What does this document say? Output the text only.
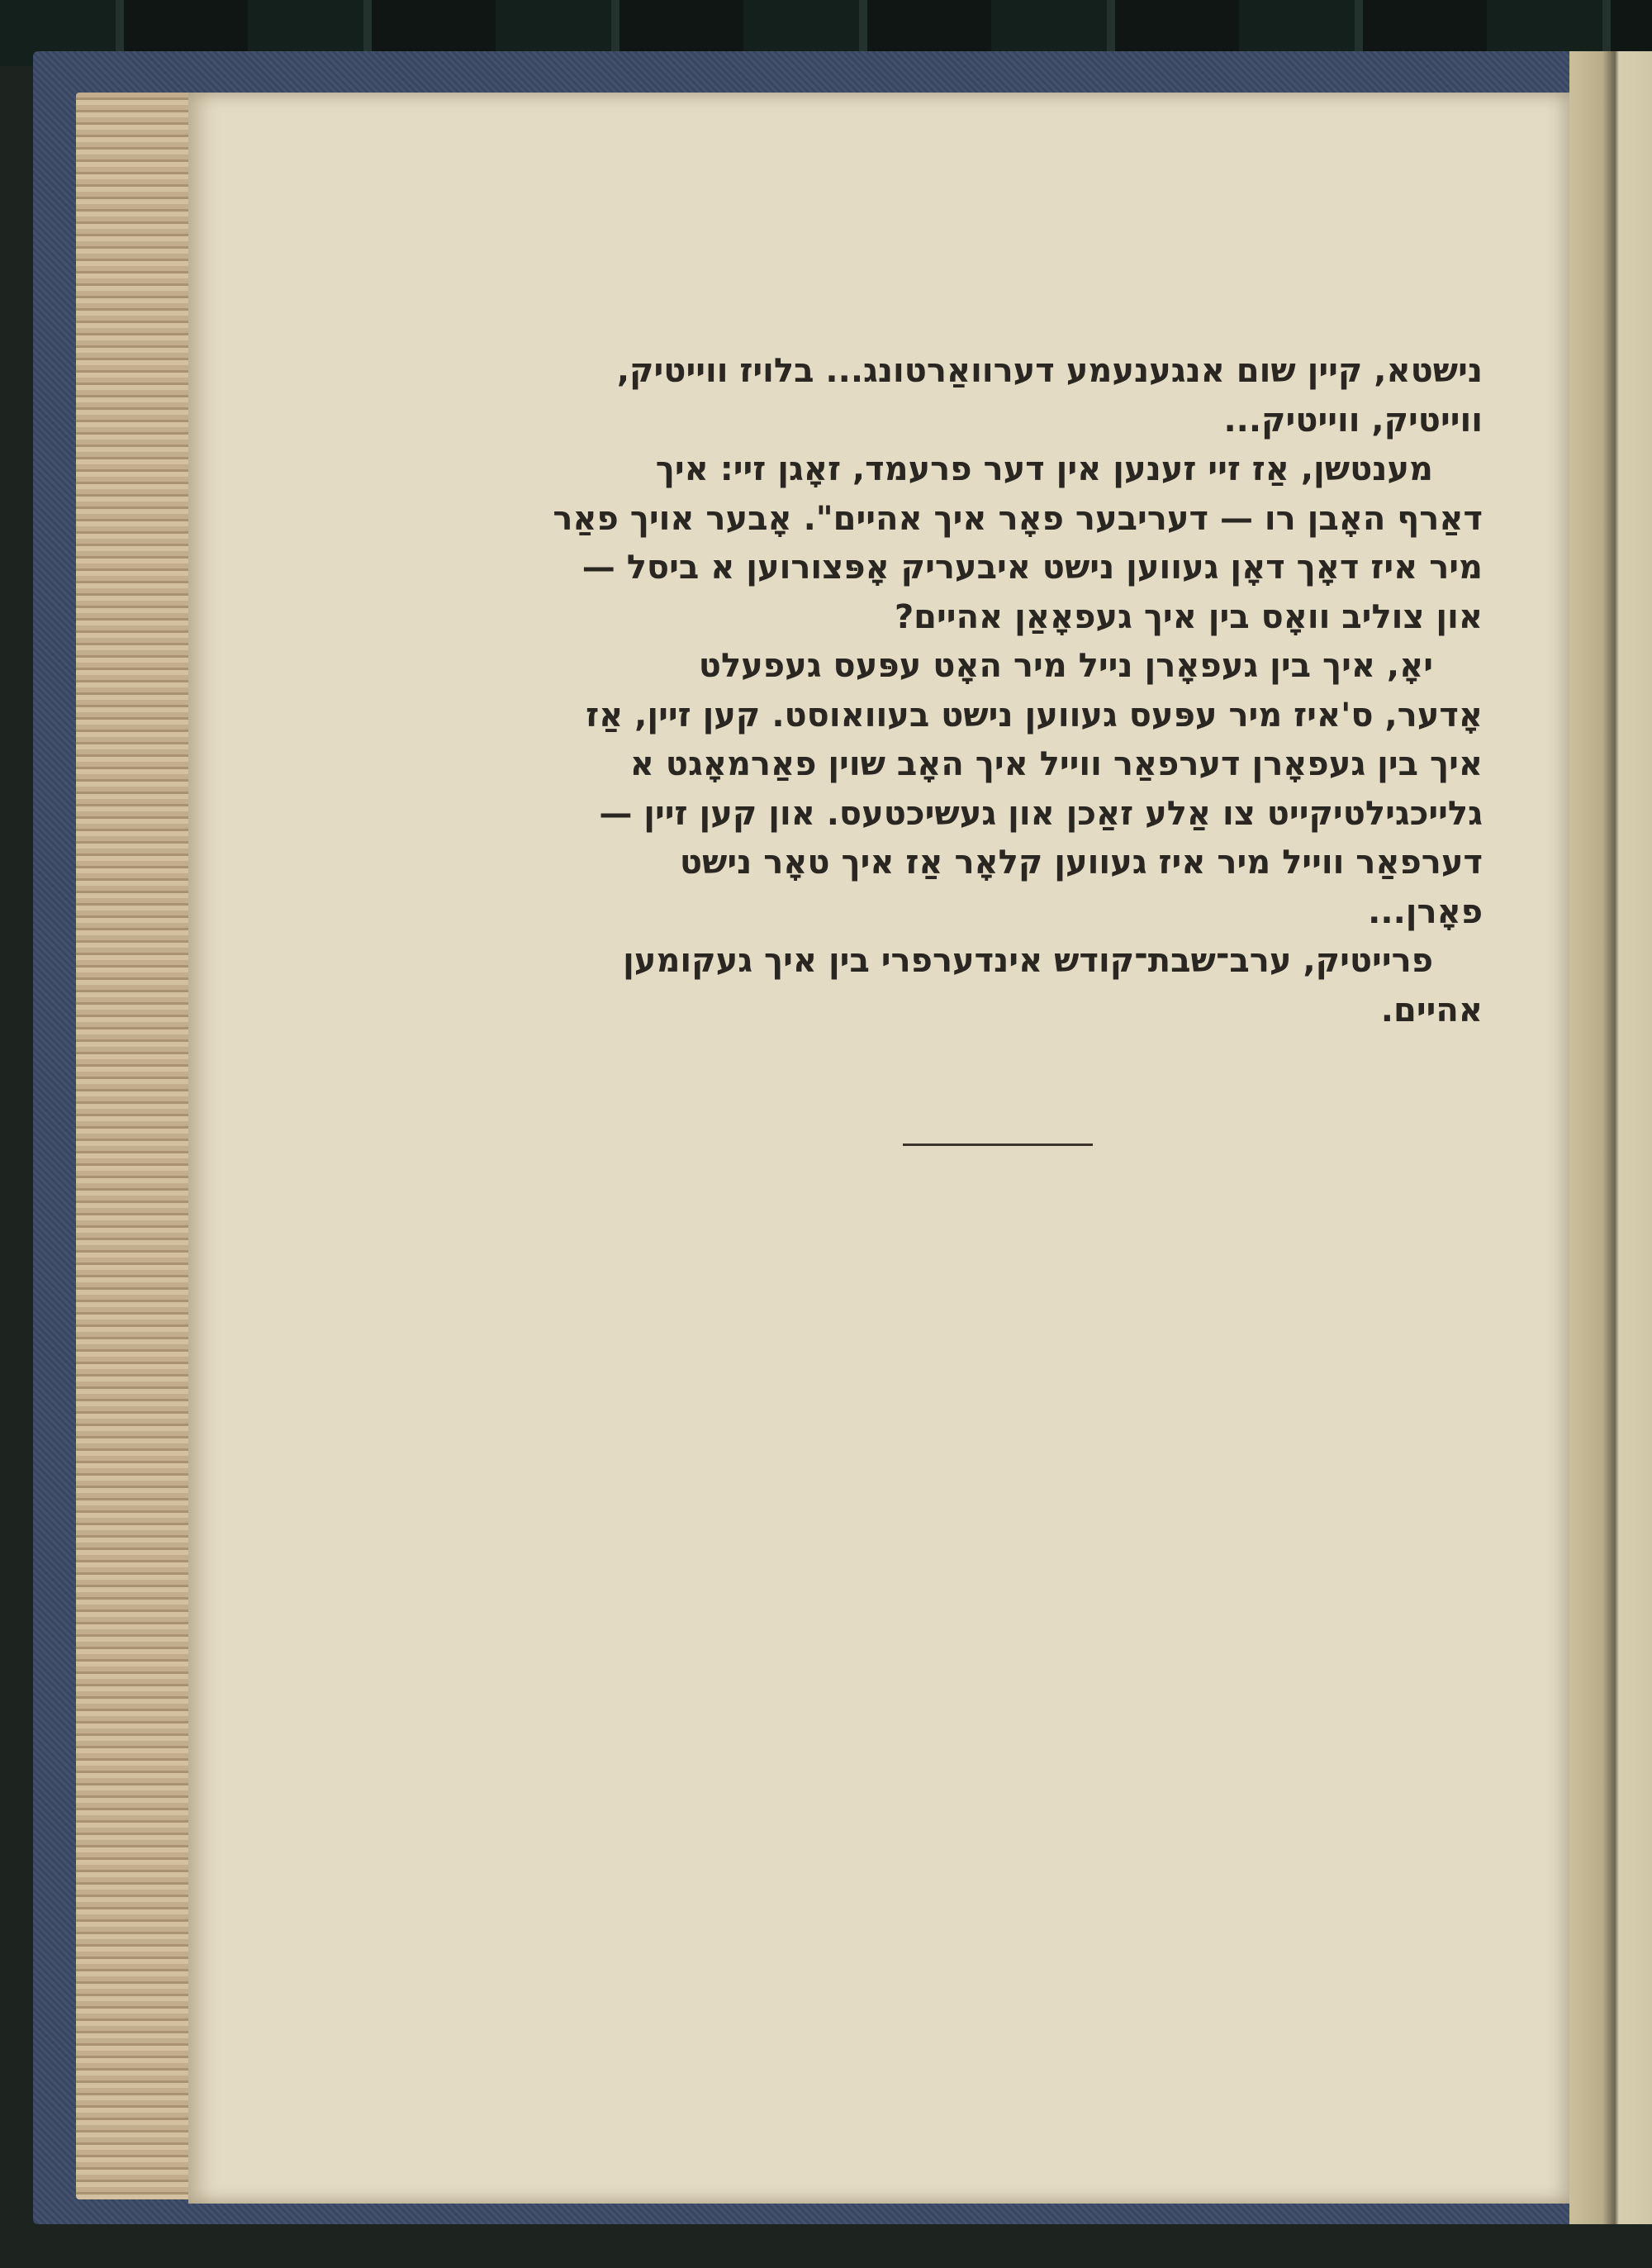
נישטא, קיין שום אנגענעמע דערוואַרטונג... בלויז ווייטיק,
ווייטיק, ווייטיק...

מענטשן, אַז זיי זענען אין דער פרעמד, זאָגן זיי: איך
דאַרף האָבן רו — דעריבער פאָר איך אהיים". אָבער אויך פאַר
מיר איז דאָך דאָן געווען נישט איבעריק אָפּצורוען א ביסל —
און צוליב וואָס בין איך געפאָאַן אהיים?

יאָ, איך בין געפאָרן נייל מיר האָט עפּעס געפעלט
אָדער, ס'איז מיר עפּעס געווען נישט בעוואוסט. קען זיין, אַז
איך בין געפאָרן דערפאַר ווייל איך האָב שוין פאַרמאָגט א
גלייכגילטיקייט צו אַלע זאַכן און געשיכטעס. און קען זיין —
דערפאַר ווייל מיר איז געווען קלאָר אַז איך טאָר נישט
פאָרן...

פרייטיק, ערב־שבת־קודש אינדערפרי בין איך געקומען
אהיים.
